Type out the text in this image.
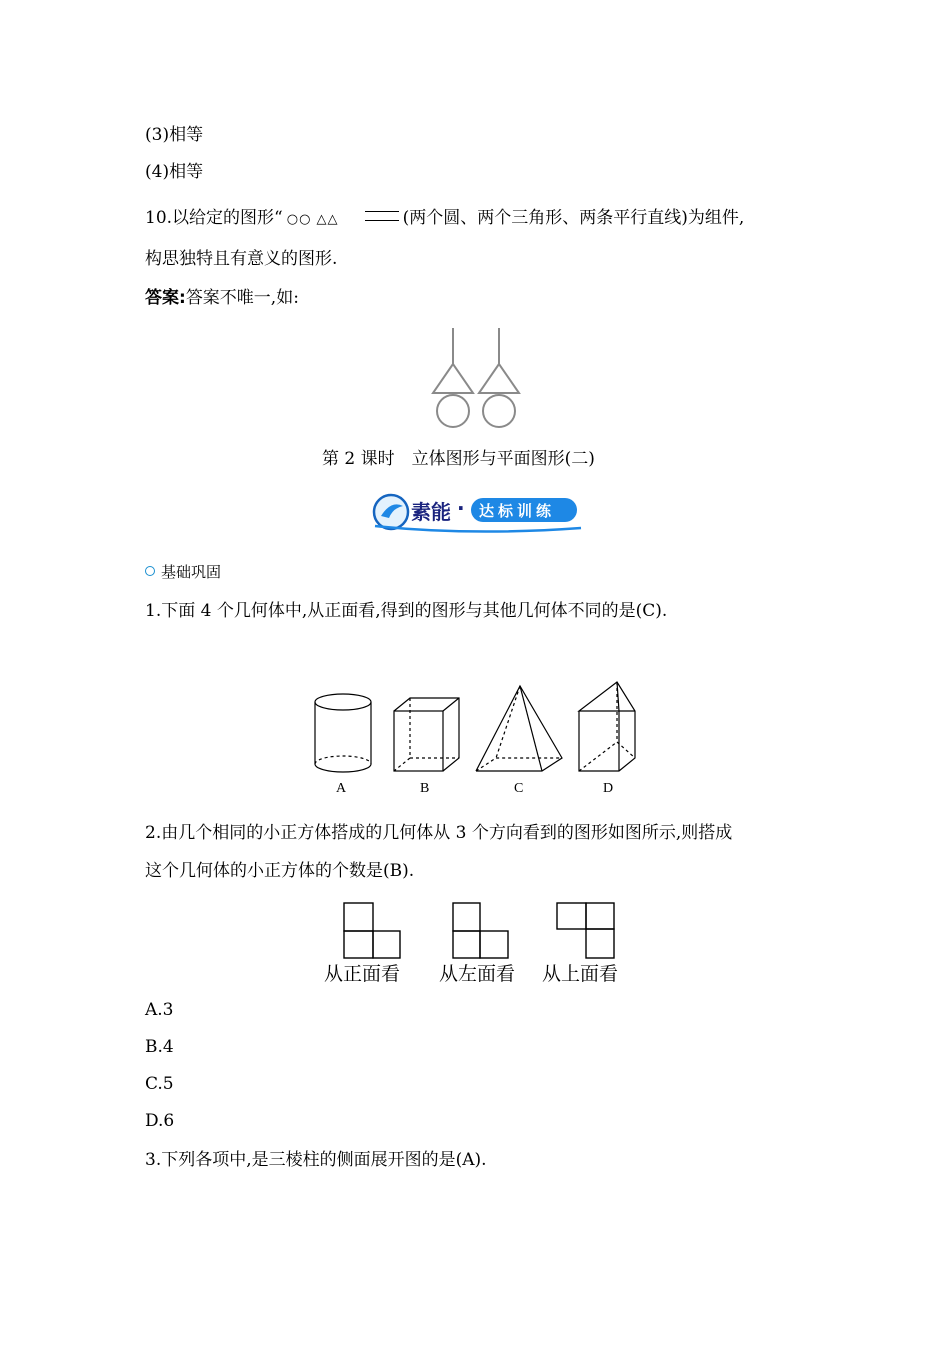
(3)相等
(4)相等
10.以给定的图形“ ○○ △△	(两个圆、两个三角形、两条平行直线)为组件,
构思独特且有意义的图形.
答案:答案不唯一,如:
第 2 课时　立体图形与平面图形(二)
素能 · 达标训练
基础巩固
1.下面 4 个几何体中,从正面看,得到的图形与其他几何体不同的是(C).
A	B	C	D
2.由几个相同的小正方体搭成的几何体从 3 个方向看到的图形如图所示,则搭成
这个几何体的小正方体的个数是(B).
从正面看 从左面看 从上面看
A.3
B.4
C.5
D.6
3.下列各项中,是三棱柱的侧面展开图的是(A).
